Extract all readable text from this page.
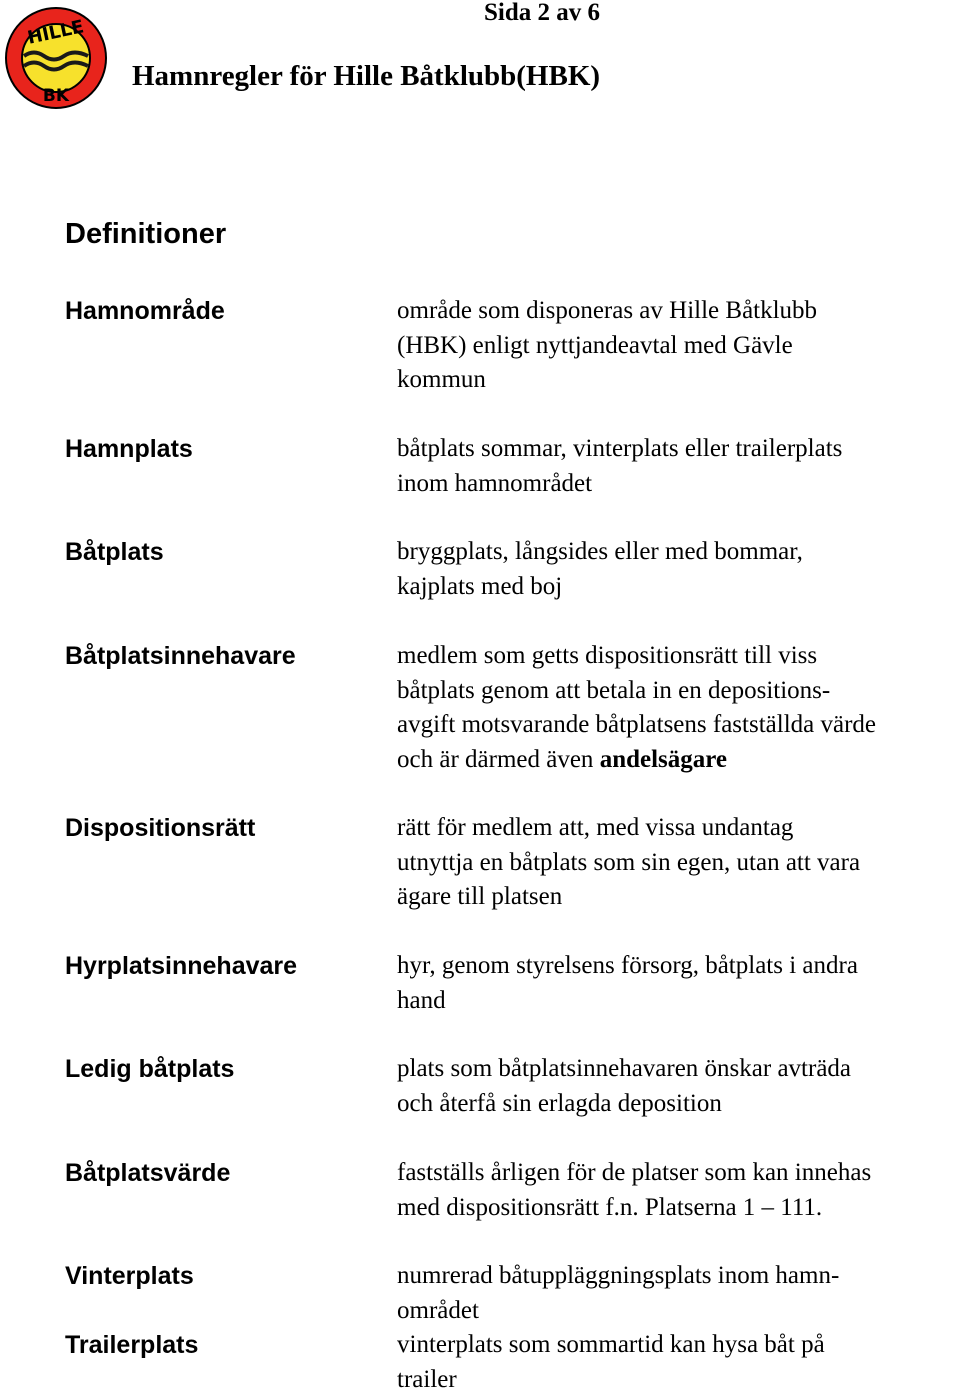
HILLE
BK
Sida 2 av 6
Hamnregler för Hille Båtklubb(HBK)
Definitioner
Hamnområde	område som disponeras av Hille Båtklubb
(HBK) enligt nyttjandeavtal med Gävle
kommun
Hamnplats	båtplats sommar, vinterplats eller trailerplats
inom hamnområdet
Båtplats	bryggplats, långsides eller med bommar,
kajplats med boj
Båtplatsinnehavare	medlem som getts dispositionsrätt till viss
båtplats genom att betala in en depositions-
avgift motsvarande båtplatsens fastställda värde
och är därmed även andelsägare
Dispositionsrätt	rätt för medlem att, med vissa undantag
utnyttja en båtplats som sin egen, utan att vara
ägare till platsen
Hyrplatsinnehavare	hyr, genom styrelsens försorg, båtplats i andra
hand
Ledig båtplats	plats som båtplatsinnehavaren önskar avträda
och återfå sin erlagda deposition
Båtplatsvärde	fastställs årligen för de platser som kan innehas
med dispositionsrätt f.n. Platserna 1 – 111.
Vinterplats	numrerad båtuppläggningsplats inom hamn-
området
Trailerplats	vinterplats som sommartid kan hysa båt på
trailer
